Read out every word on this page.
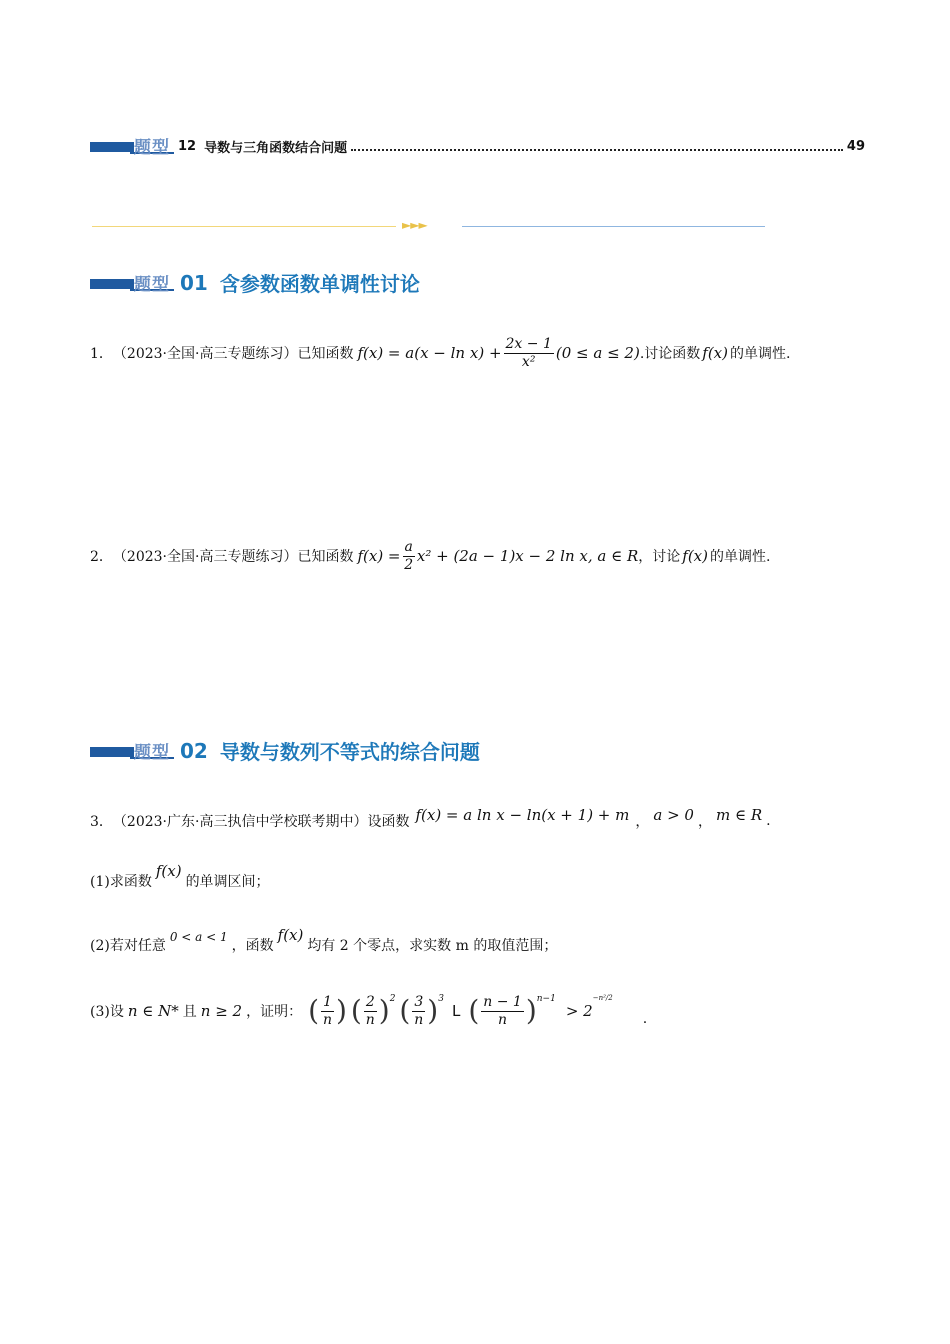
题型 12 导数与三角函数结合问题	49
►►►
题型 01 含参数函数单调性讨论
1． （2023·全国·高三专题练习）已知函数 $f(x) = a(x - \ln x) + \frac{2x - 1}{\text{x²}} (0 \le a \le 2)$ .讨论函数 f(x) 的单调性.
2． （2023·全国·高三专题练习）已知函数 $f(x) = \frac{a}{2} x^2 + (2a - 1)x - 2$ ln x, a ∈ R ，讨论 f(x) 的单调性.
题型 02 导数与数列不等式的综合问题
3． （2023·广东·高三执信中学校联考期中）设函数 f(x) = a ln x − ln(x + 1) + m ， a > 0 ， m ∈ R .
(1)求函数
f(x)
的单调区间；
(2)若对任意
0 < a < 1
，函数
f(x)
均有 2 个零点，求实数 m 的取值范围；
(3)设 n ∈ N* 且 n ≥ 2 ，证明： ( $\frac{1}{n}$ ) ( $\frac{2}{n} )^2$ ( $\frac{3}{n} )^3$
L ( $\frac{n - 1}{n} )^{n-1}$
> 2
−n²/2
.
